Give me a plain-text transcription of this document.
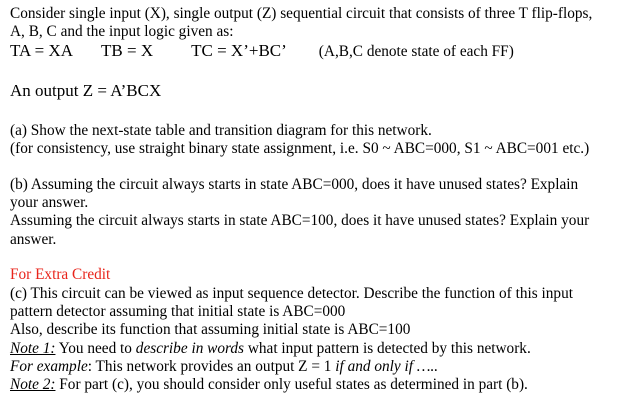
Consider single input (X), single output (Z) sequential circuit that consists of three T flip-flops,
A, B, C and the input logic given as:
TA = XA TB = X TC = X’+BC’ (A,B,C denote state of each FF)
An output Z = A’BCX
(a) Show the next-state table and transition diagram for this network.
(for consistency, use straight binary state assignment, i.e. S0 ~ ABC=000, S1 ~ ABC=001 etc.)
(b) Assuming the circuit always starts in state ABC=000, does it have unused states? Explain
your answer.
Assuming the circuit always starts in state ABC=100, does it have unused states? Explain your
answer.
For Extra Credit
(c) This circuit can be viewed as input sequence detector. Describe the function of this input
pattern detector assuming that initial state is ABC=000
Also, describe its function that assuming initial state is ABC=100
Note 1: You need to describe in words what input pattern is detected by this network.
For example: This network provides an output Z = 1 if and only if …..
Note 2: For part (c), you should consider only useful states as determined in part (b).
